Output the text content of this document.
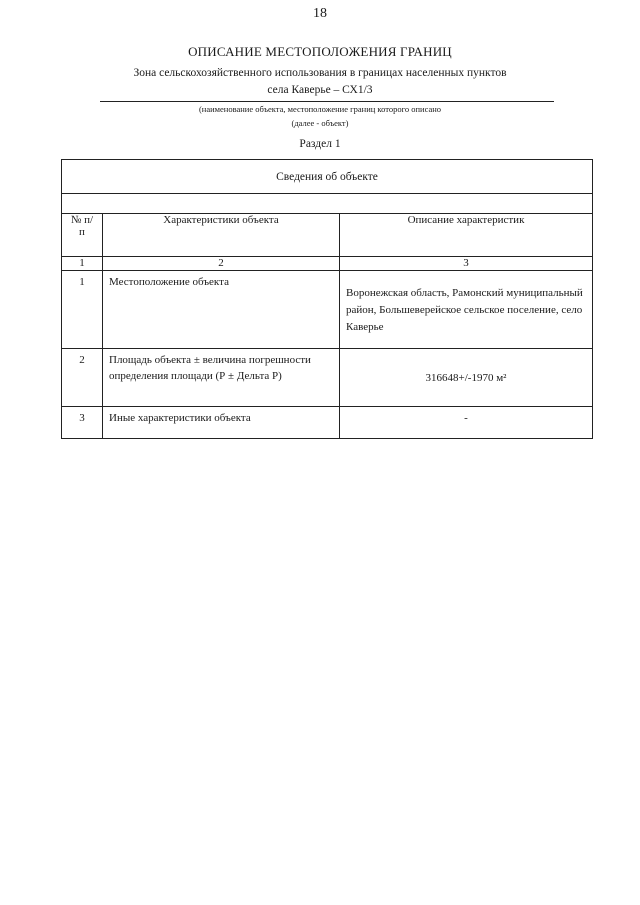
18
ОПИСАНИЕ МЕСТОПОЛОЖЕНИЯ ГРАНИЦ
Зона сельскохозяйственного использования в границах населенных пунктов
села Каверье – СХ1/3
(наименование объекта, местоположение границ которого описано
(далее - объект)
Раздел 1
Сведения об объекте		

№ п/п	Характеристики объекта	Описание характеристик
1	2	3
1	Местоположение объекта	Воронежская область, Рамонский муниципальный район, Большеверейское сельское поселение, село Каверье
2	Площадь объекта ± величина погрешности определения площади (Р ± Дельта Р)	316648+/-1970 м²
3	Иные характеристики объекта	-
